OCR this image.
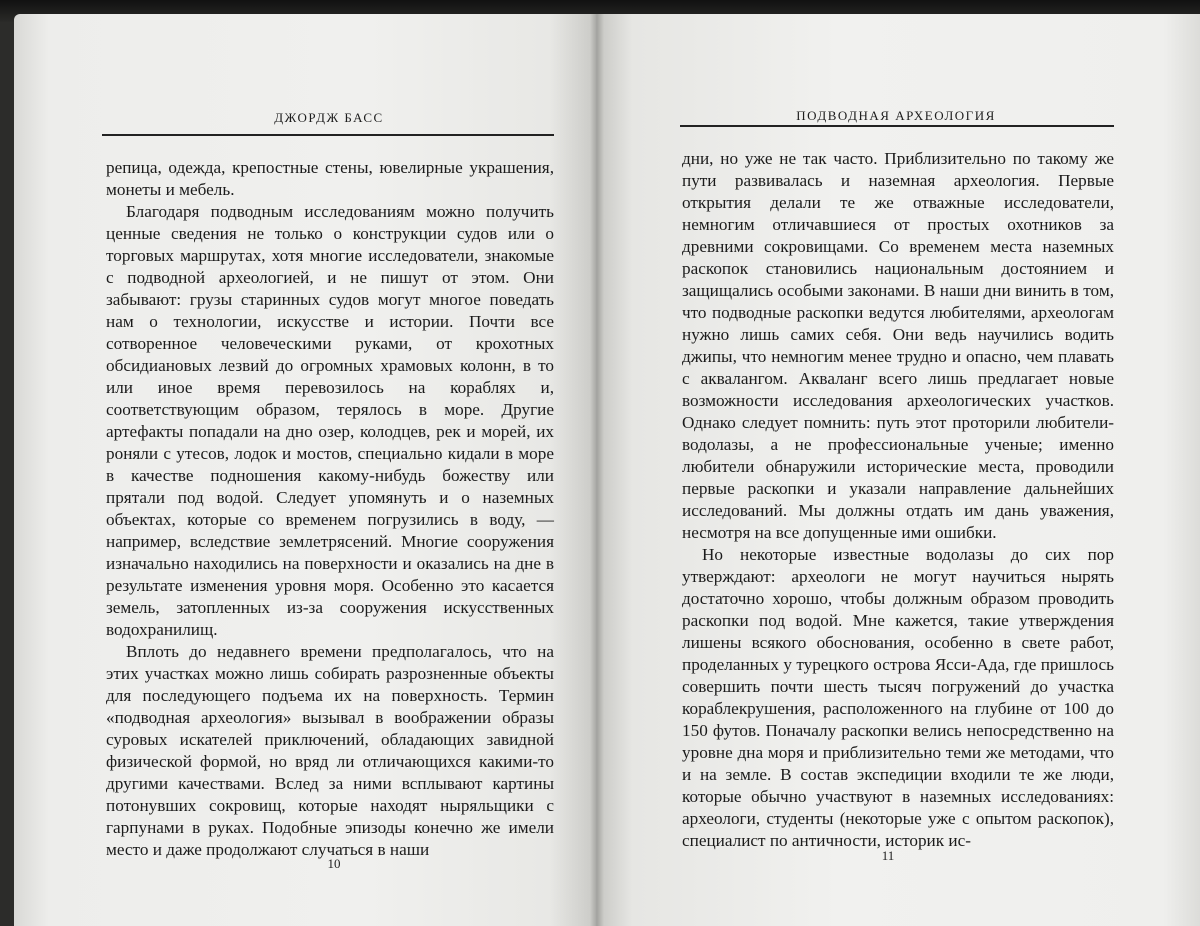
ДЖОРДЖ БАСС

репица, одежда, крепостные стены, ювелирные украшения, монеты и мебель.

Благодаря подводным исследованиям можно получить ценные сведения не только о конструкции судов или о торговых маршрутах, хотя многие исследователи, знакомые с подводной археологией, и не пишут от этом. Они забывают: грузы старинных судов могут многое поведать нам о технологии, искусстве и истории. Почти все сотворенное человеческими руками, от крохотных обсидиановых лезвий до огромных храмовых колонн, в то или иное время перевозилось на кораблях и, соответствующим образом, терялось в море. Другие артефакты попадали на дно озер, колодцев, рек и морей, их роняли с утесов, лодок и мостов, специально кидали в море в качестве подношения какому-нибудь божеству или прятали под водой. Следует упомянуть и о наземных объектах, которые со временем погрузились в воду, — например, вследствие землетрясений. Многие сооружения изначально находились на поверхности и оказались на дне в результате изменения уровня моря. Особенно это касается земель, затопленных из-за сооружения искусственных водохранилищ.

Вплоть до недавнего времени предполагалось, что на этих участках можно лишь собирать разрозненные объекты для последующего подъема их на поверхность. Термин «подводная археология» вызывал в воображении образы суровых искателей приключений, обладающих завидной физической формой, но вряд ли отличающихся какими-то другими качествами. Вслед за ними всплывают картины потонувших сокровищ, которые находят ныряльщики с гарпунами в руках. Подобные эпизоды конечно же имели место и даже продолжают случаться в наши

10
ПОДВОДНАЯ АРХЕОЛОГИЯ

дни, но уже не так часто. Приблизительно по такому же пути развивалась и наземная археология. Первые открытия делали те же отважные исследователи, немногим отличавшиеся от простых охотников за древними сокровищами. Со временем места наземных раскопок становились национальным достоянием и защищались особыми законами. В наши дни винить в том, что подводные раскопки ведутся любителями, археологам нужно лишь самих себя. Они ведь научились водить джипы, что немногим менее трудно и опасно, чем плавать с аквалангом. Акваланг всего лишь предлагает новые возможности исследования археологических участков. Однако следует помнить: путь этот проторили любители-водолазы, а не профессиональные ученые; именно любители обнаружили исторические места, проводили первые раскопки и указали направление дальнейших исследований. Мы должны отдать им дань уважения, несмотря на все допущенные ими ошибки.

Но некоторые известные водолазы до сих пор утверждают: археологи не могут научиться нырять достаточно хорошо, чтобы должным образом проводить раскопки под водой. Мне кажется, такие утверждения лишены всякого обоснования, особенно в свете работ, проделанных у турецкого острова Ясси-Ада, где пришлось совершить почти шесть тысяч погружений до участка кораблекрушения, расположенного на глубине от 100 до 150 футов. Поначалу раскопки велись непосредственно на уровне дна моря и приблизительно теми же методами, что и на земле. В состав экспедиции входили те же люди, которые обычно участвуют в наземных исследованиях: археологи, студенты (некоторые уже с опытом раскопок), специалист по античности, историк ис-

11
